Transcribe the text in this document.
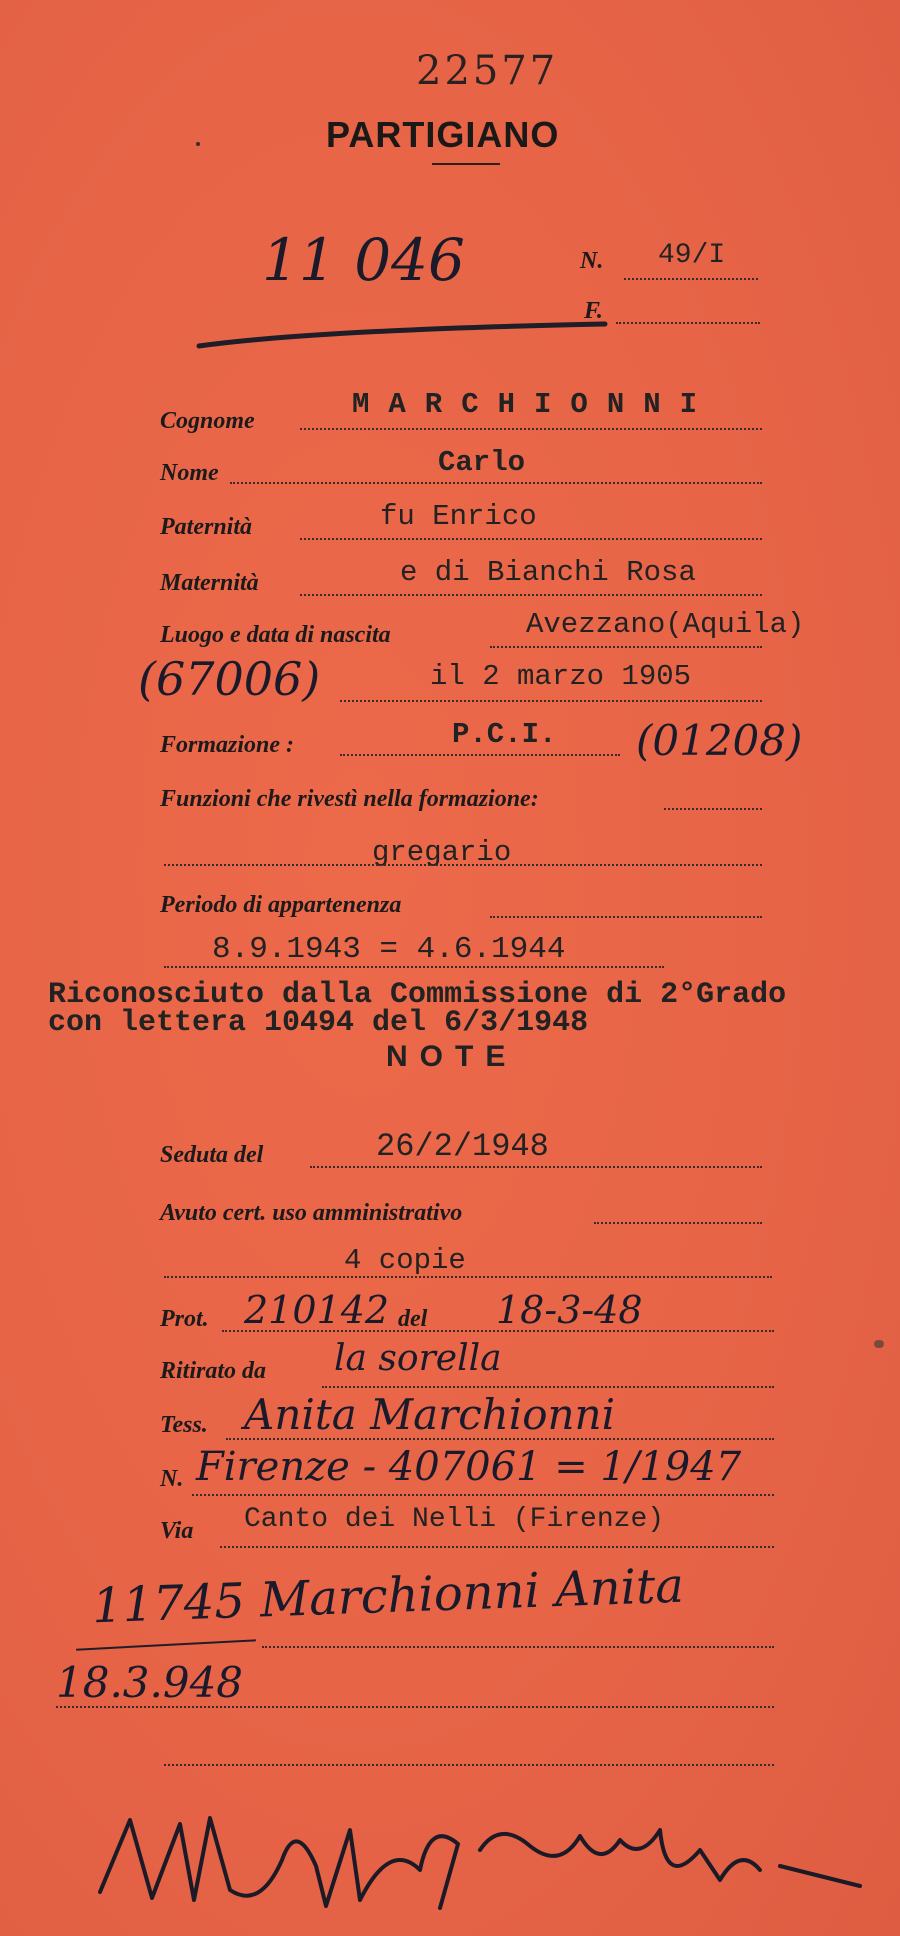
22577
PARTIGIANO
11 046	N. 49/I
F.
Cognome	MARCHIONNI
Nome	Carlo
Paternità	fu Enrico
Maternità	e di Bianchi Rosa
Luogo e data di nascita	Avezzano(Aquila)
(67006)	il 2 marzo 1905
Formazione :	P.C.I. (01208)
Funzioni che rivestì nella formazione:
gregario
Periodo di appartenenza
8.9.1943 = 4.6.1944
Riconosciuto dalla Commissione di 2°Grado
con lettera 10494 del 6/3/1948
NOTE
Seduta del	26/2/1948
Avuto cert. uso amministrativo
4 copie
Prot. 210142 del 18-3-48
Ritirato da la sorella
Tess. Anita Marchionni
N. Firenze - 407061 = 1/1947
Via Canto dei Nelli (Firenze)
11745 Marchionni Anita
18.3.948
